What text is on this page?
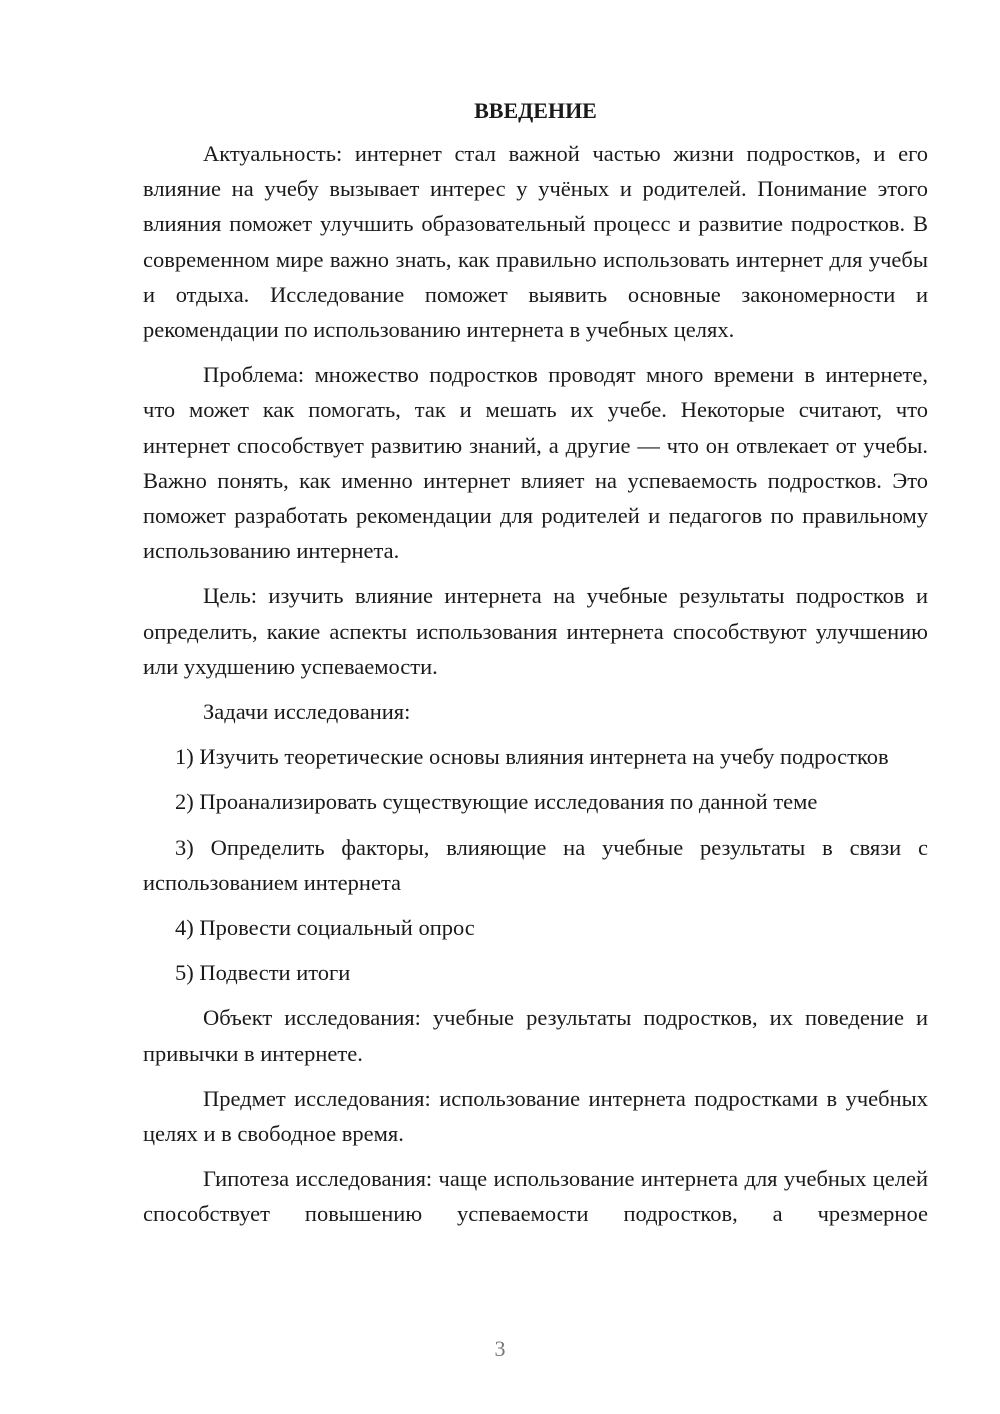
ВВЕДЕНИЕ

Актуальность: интернет стал важной частью жизни подростков, и его влияние на учебу вызывает интерес у учёных и родителей. Понимание этого влияния поможет улучшить образовательный процесс и развитие подростков. В современном мире важно знать, как правильно использовать интернет для учебы и отдыха. Исследование поможет выявить основные закономерности и рекомендации по использованию интернета в учебных целях.

Проблема: множество подростков проводят много времени в интернете, что может как помогать, так и мешать их учебе. Некоторые считают, что интернет способствует развитию знаний, а другие — что он отвлекает от учебы. Важно понять, как именно интернет влияет на успеваемость подростков. Это поможет разработать рекомендации для родителей и педагогов по правильному использованию интернета.

Цель: изучить влияние интернета на учебные результаты подростков и определить, какие аспекты использования интернета способствуют улучшению или ухудшению успеваемости.

Задачи исследования:

1) Изучить теоретические основы влияния интернета на учебу подростков

2) Проанализировать существующие исследования по данной теме

3) Определить факторы, влияющие на учебные результаты в связи с использованием интернета

4) Провести социальный опрос

5) Подвести итоги

Объект исследования: учебные результаты подростков, их поведение и привычки в интернете.

Предмет исследования: использование интернета подростками в учебных целях и в свободное время.

Гипотеза исследования: чаще использование интернета для учебных целей способствует повышению успеваемости подростков, а чрезмерное

3
